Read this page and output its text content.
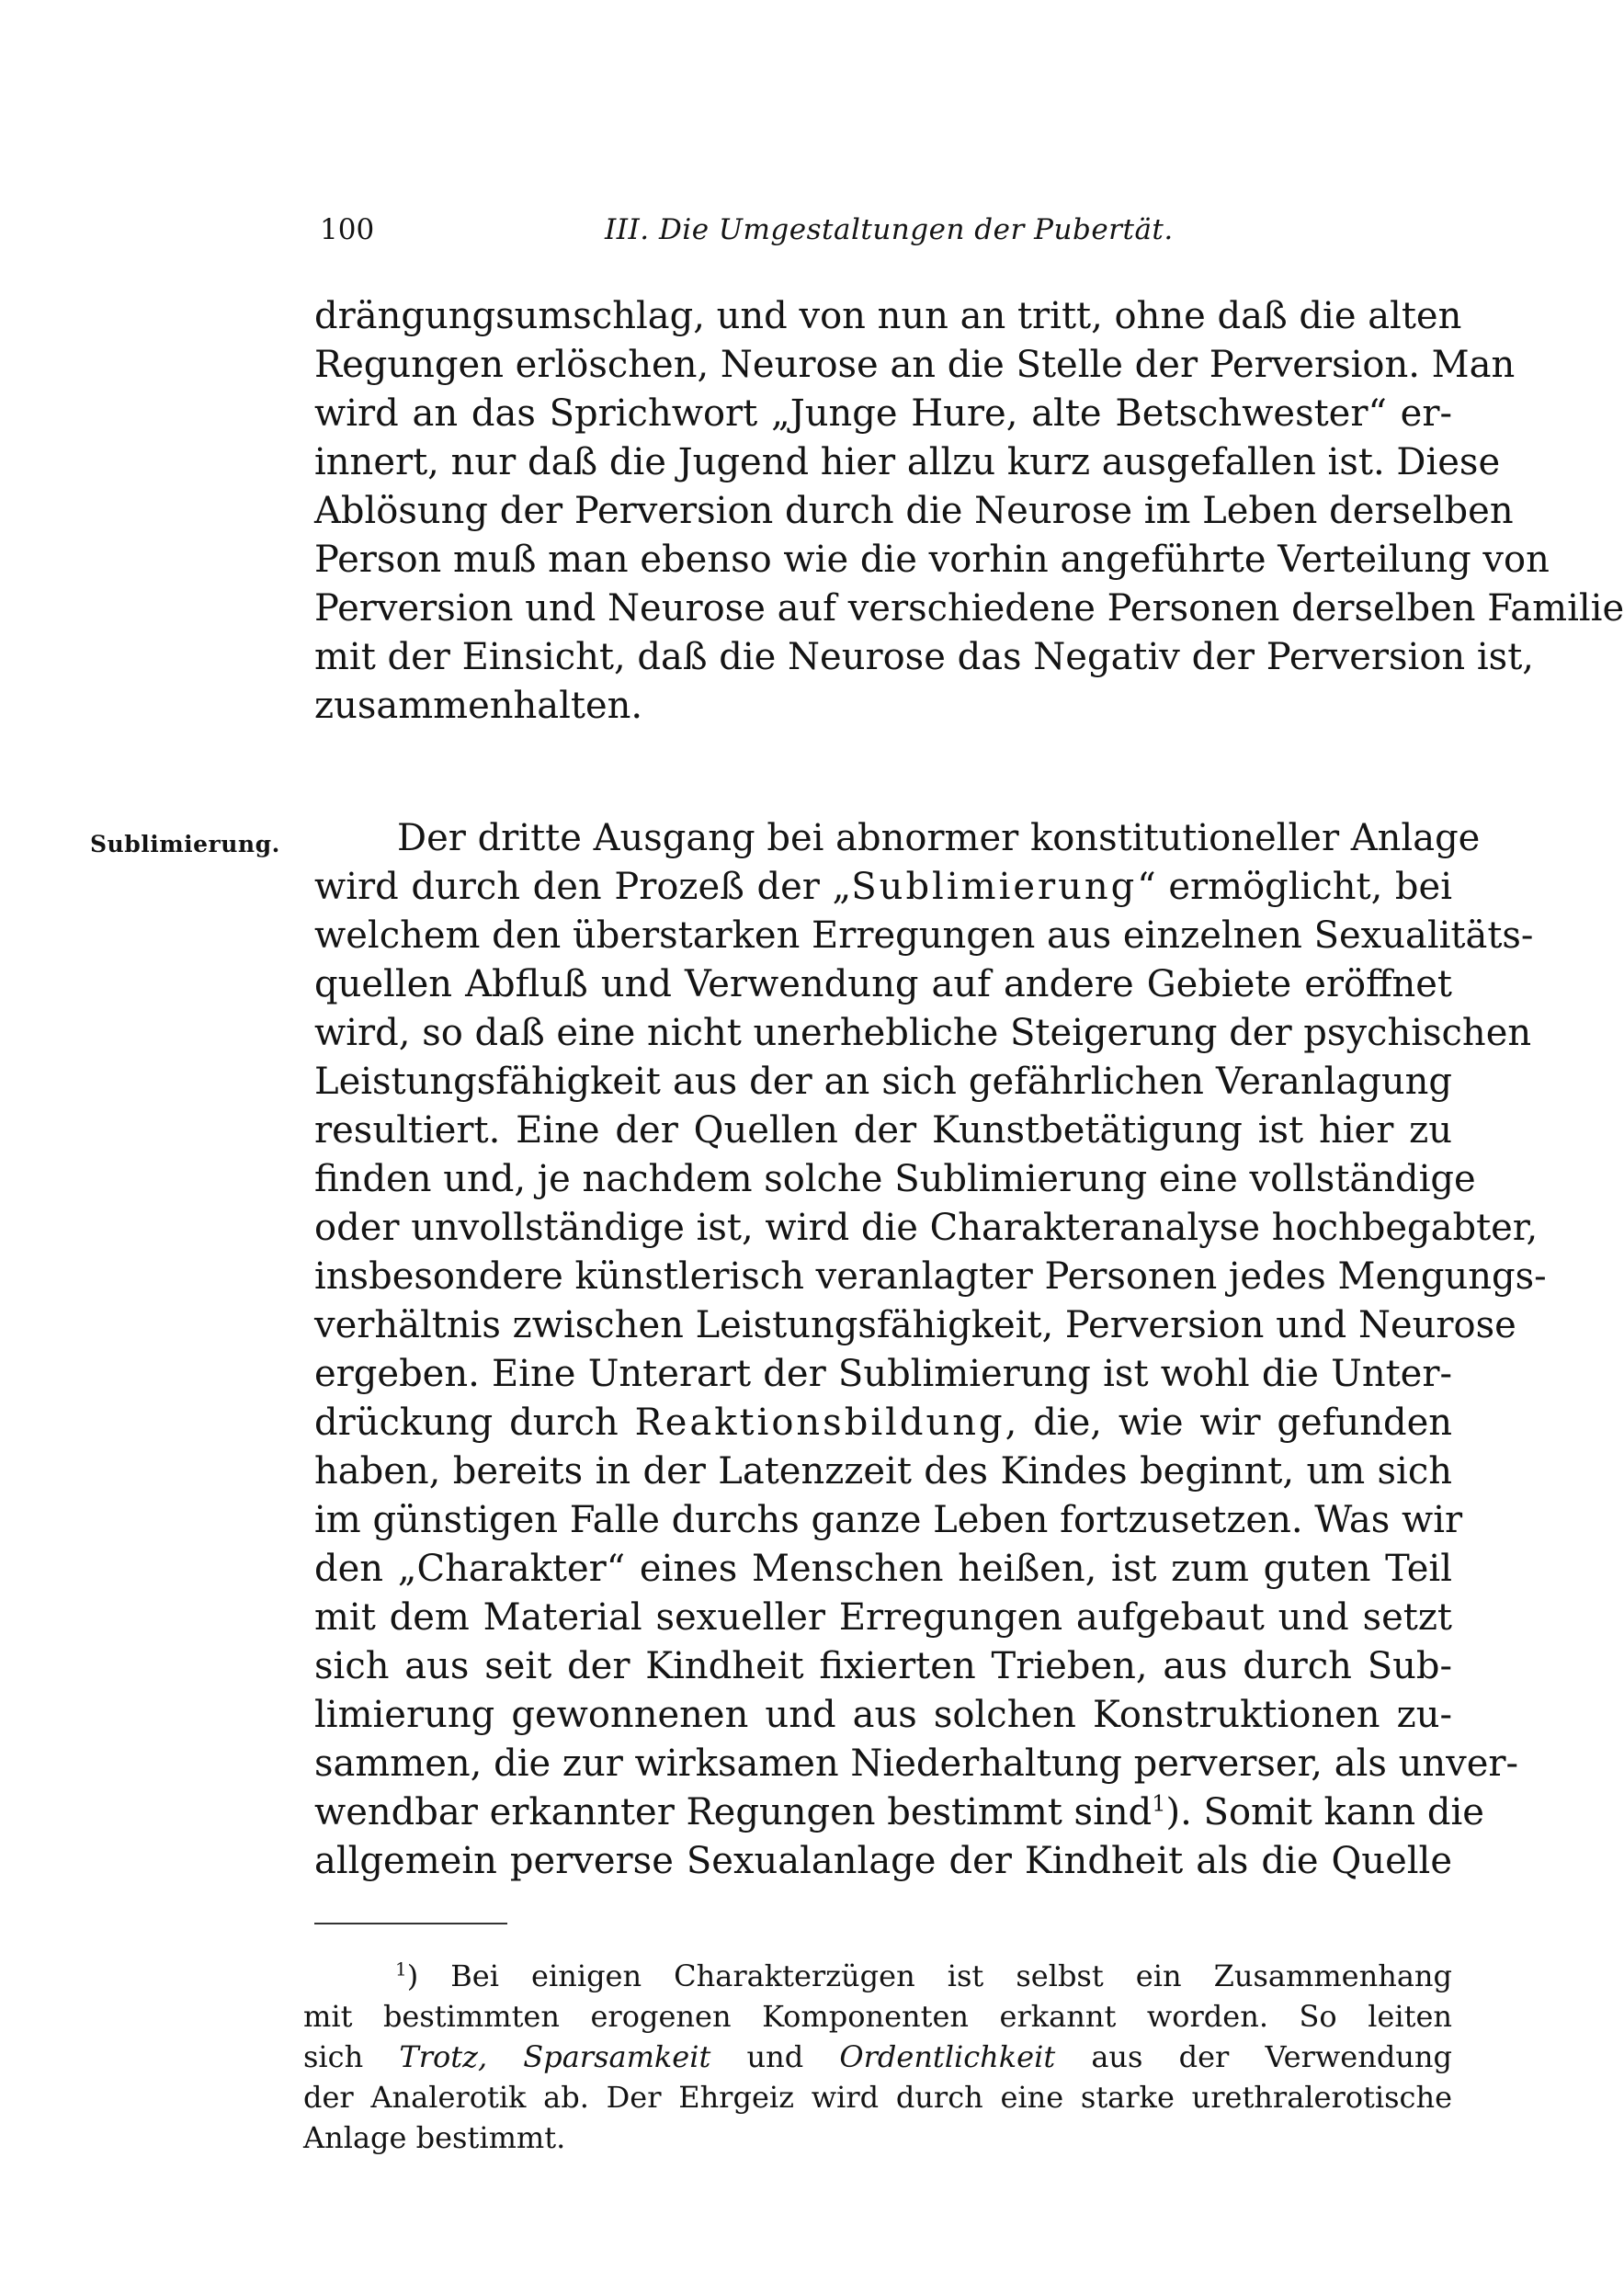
100	III. Die Umgestaltungen der Pubertät.
drängungsumschlag, und von nun an tritt, ohne daß die alten
Regungen erlöschen, Neurose an die Stelle der Perversion. Man
wird an das Sprichwort „Junge Hure, alte Betschwester“ er-
innert, nur daß die Jugend hier allzu kurz ausgefallen ist. Diese
Ablösung der Perversion durch die Neurose im Leben derselben
Person muß man ebenso wie die vorhin angeführte Verteilung von
Perversion und Neurose auf verschiedene Personen derselben Familie
mit der Einsicht, daß die Neurose das Negativ der Perversion ist,
zusammenhalten.
Sublimierung.	Der dritte Ausgang bei abnormer konstitutioneller Anlage
wird durch den Prozeß der „Sublimierung“ ermöglicht, bei
welchem den überstarken Erregungen aus einzelnen Sexualitäts-
quellen Abfluß und Verwendung auf andere Gebiete eröffnet
wird, so daß eine nicht unerhebliche Steigerung der psychischen
Leistungsfähigkeit aus der an sich gefährlichen Veranlagung
resultiert. Eine der Quellen der Kunstbetätigung ist hier zu
finden und, je nachdem solche Sublimierung eine vollständige
oder unvollständige ist, wird die Charakteranalyse hochbegabter,
insbesondere künstlerisch veranlagter Personen jedes Mengungs-
verhältnis zwischen Leistungsfähigkeit, Perversion und Neurose
ergeben. Eine Unterart der Sublimierung ist wohl die Unter-
drückung durch Reaktionsbildung, die, wie wir gefunden
haben, bereits in der Latenzzeit des Kindes beginnt, um sich
im günstigen Falle durchs ganze Leben fortzusetzen. Was wir
den „Charakter“ eines Menschen heißen, ist zum guten Teil
mit dem Material sexueller Erregungen aufgebaut und setzt
sich aus seit der Kindheit fixierten Trieben, aus durch Sub-
limierung gewonnenen und aus solchen Konstruktionen zu-
sammen, die zur wirksamen Niederhaltung perverser, als unver-
wendbar erkannter Regungen bestimmt sind$^1$). Somit kann die
allgemein perverse Sexualanlage der Kindheit als die Quelle
$^1$) Bei einigen Charakterzügen ist selbst ein Zusammenhang
mit bestimmten erogenen Komponenten erkannt worden. So leiten
sich Trotz, Sparsamkeit und Ordentlichkeit aus der Verwendung
der Analerotik ab. Der Ehrgeiz wird durch eine starke urethralerotische
Anlage bestimmt.
